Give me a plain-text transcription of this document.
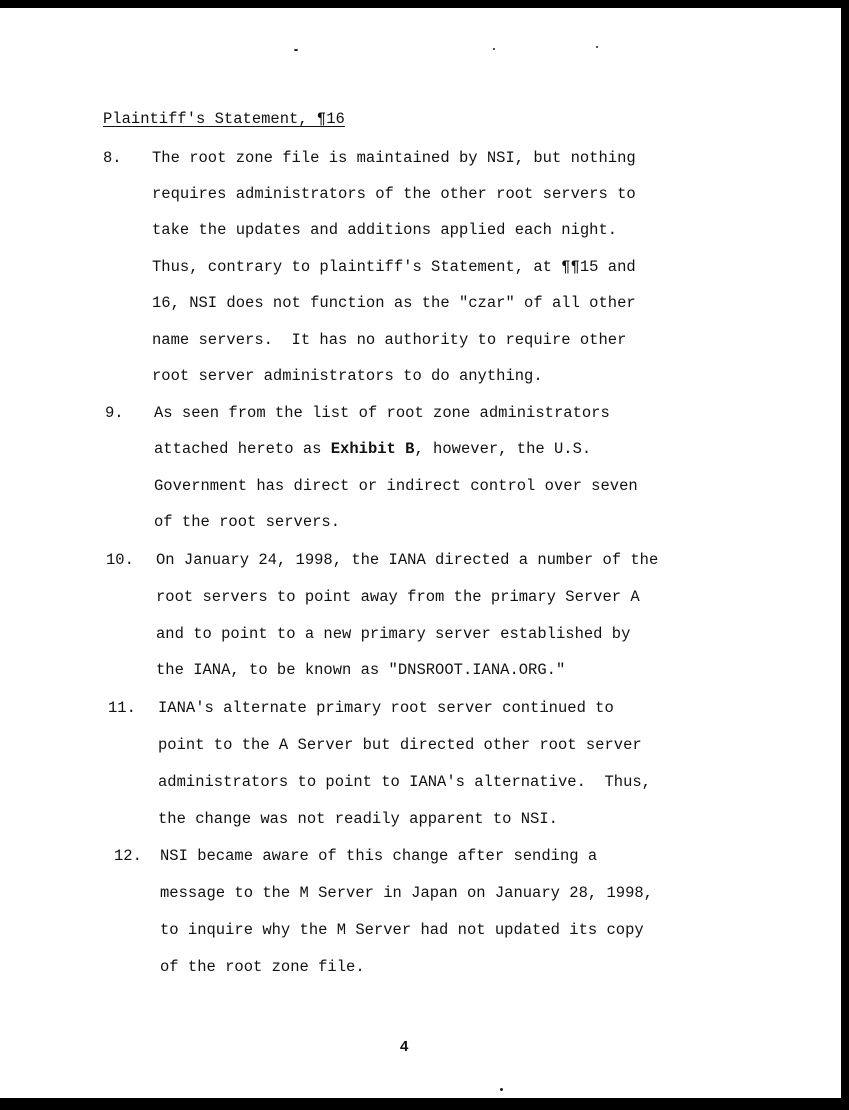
Plaintiff's Statement, ¶16
8. The root zone file is maintained by NSI, but nothing
requires administrators of the other root servers to
take the updates and additions applied each night.
Thus, contrary to plaintiff's Statement, at ¶¶15 and
16, NSI does not function as the "czar" of all other
name servers.  It has no authority to require other
root server administrators to do anything.
9. As seen from the list of root zone administrators
attached hereto as Exhibit B, however, the U.S.
Government has direct or indirect control over seven
of the root servers.
10. On January 24, 1998, the IANA directed a number of the
root servers to point away from the primary Server A
and to point to a new primary server established by
the IANA, to be known as "DNSROOT.IANA.ORG."
11. IANA's alternate primary root server continued to
point to the A Server but directed other root server
administrators to point to IANA's alternative.  Thus,
the change was not readily apparent to NSI.
12. NSI became aware of this change after sending a
message to the M Server in Japan on January 28, 1998,
to inquire why the M Server had not updated its copy
of the root zone file.
4
